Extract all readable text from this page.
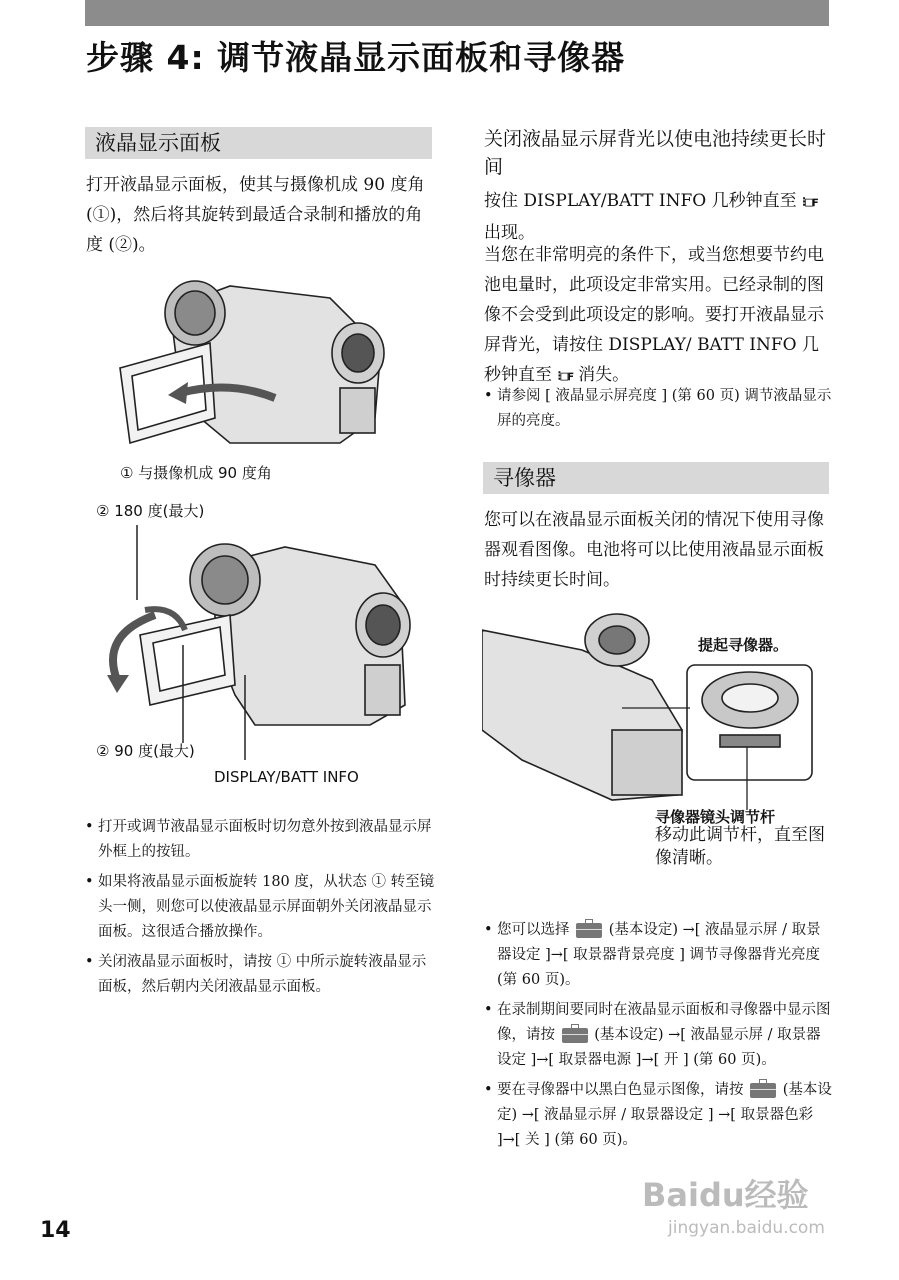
步骤 4: 调节液晶显示面板和寻像器
液晶显示面板
打开液晶显示面板，使其与摄像机成 90 度角 (①)，然后将其旋转到最适合录制和播放的角度 (②)。
① 与摄像机成 90 度角
② 180 度(最大)
② 90 度(最大)
DISPLAY/BATT INFO
• 打开或调节液晶显示面板时切勿意外按到液晶显示屏外框上的按钮。
• 如果将液晶显示面板旋转 180 度，从状态 ① 转至镜头一侧，则您可以使液晶显示屏面朝外关闭液晶显示面板。这很适合播放操作。
• 关闭液晶显示面板时，请按 ① 中所示旋转液晶显示面板，然后朝内关闭液晶显示面板。
关闭液晶显示屏背光以使电池持续更长时间
按住 DISPLAY/BATT INFO 几秒钟直至 ⁝□ꜰ 出现。
当您在非常明亮的条件下，或当您想要节约电池电量时，此项设定非常实用。已经录制的图像不会受到此项设定的影响。要打开液晶显示屏背光，请按住 DISPLAY/ BATT INFO 几秒钟直至 ⁝□ꜰ 消失。
• 请参阅 [ 液晶显示屏亮度 ] (第 60 页) 调节液晶显示屏的亮度。
寻像器
您可以在液晶显示面板关闭的情况下使用寻像器观看图像。电池将可以比使用液晶显示面板时持续更长时间。
提起寻像器。
寻像器镜头调节杆
移动此调节杆，直至图像清晰。
• 您可以选择	(基本设定) →[ 液晶显示屏 / 取景器设定 ]→[ 取景器背景亮度 ] 调节寻像器背光亮度(第 60 页)。
• 在录制期间要同时在液晶显示面板和寻像器中显示图像，请按	(基本设定) →[ 液晶显示屏 / 取景器设定 ]→[ 取景器电源 ]→[ 开 ] (第 60 页)。
• 要在寻像器中以黑白色显示图像，请按	(基本设定) →[ 液晶显示屏 / 取景器设定 ] →[ 取景器色彩 ]→[ 关 ] (第 60 页)。
14
Baidu经验
jingyan.baidu.com
